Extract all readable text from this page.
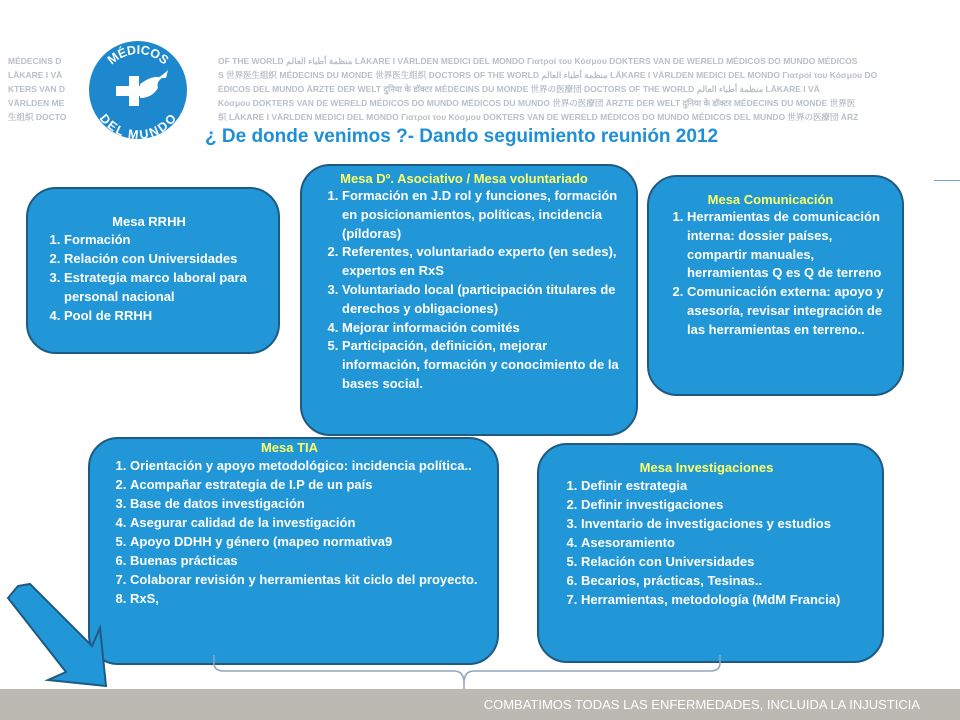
MÉDECINS D
LÄKARE I VÄ
KTERS VAN D
VÄRLDEN ME
生组织 DOCTO
OF THE WORLD منظمة أطباء العالم LÄKARE I VÄRLDEN MEDICI DEL MONDO Γιατροί του Κόσμου DOKTERS VAN DE WERELD MÉDICOS DO MUNDO MÉDICOS
S 世界医生组织 MÉDECINS DU MONDE 世界医生组织 DOCTORS OF THE WORLD منظمة أطباء العالم LÄKARE I VÄRLDEN MEDICI DEL MONDO Γιατροί του Κόσμου DO
ÉDICOS DEL MUNDO ÄRZTE DER WELT दुनिया के डॉक्टर MÉDECINS DU MONDE 世界の医療団 DOCTORS OF THE WORLD منظمة أطباء العالم LÄKARE I VÄ
Κόσμου DOKTERS VAN DE WERELD MÉDICOS DO MUNDO MÉDICOS DU MUNDO 世界の医療団 ÄRZTE DER WELT दुनिया के डॉक्टर MÉDECINS DU MONDE 世界医
织 LÄKARE I VÄRLDEN MEDICI DEL MONDO Γιατροί του Κόσμου DOKTERS VAN DE WERELD MÉDICOS DO MUNDO MÉDICOS DEL MUNDO 世界の医療団 ÄRZ
MÉDICOS
DEL MUNDO
¿ De donde venimos ?- Dando seguimiento reunión 2012
Mesa RRHH
1. Formación
2. Relación con Universidades
3. Estrategia marco laboral para personal nacional
4. Pool de RRHH
Mesa Dº. Asociativo / Mesa voluntariado
1. Formación en J.D rol y funciones, formación en posicionamientos, políticas, incidencia (píldoras)
2. Referentes, voluntariado experto (en sedes), expertos en RxS
3. Voluntariado local (participación titulares de derechos y obligaciones)
4. Mejorar información comités
5. Participación, definición, mejorar información, formación y conocimiento de la bases social.
Mesa Comunicación
1. Herramientas de comunicación interna: dossier países, compartir manuales, herramientas Q es Q de terreno
2. Comunicación externa: apoyo y asesoría, revisar integración de las herramientas en terreno..
Mesa TIA
1. Orientación y apoyo metodológico: incidencia política..
2. Acompañar estrategia de I.P de un país
3. Base de datos investigación
4. Asegurar calidad de la investigación
5. Apoyo DDHH y género (mapeo normativa9
6. Buenas prácticas
7. Colaborar revisión y herramientas kit ciclo del proyecto.
8. RxS,
Mesa Investigaciones
1. Definir estrategia
2. Definir investigaciones
3. Inventario de investigaciones y estudios
4. Asesoramiento
5. Relación con Universidades
6. Becarios, prácticas, Tesinas..
7. Herramientas, metodología (MdM Francia)
COMBATIMOS TODAS LAS ENFERMEDADES, INCLUIDA LA INJUSTICIA
